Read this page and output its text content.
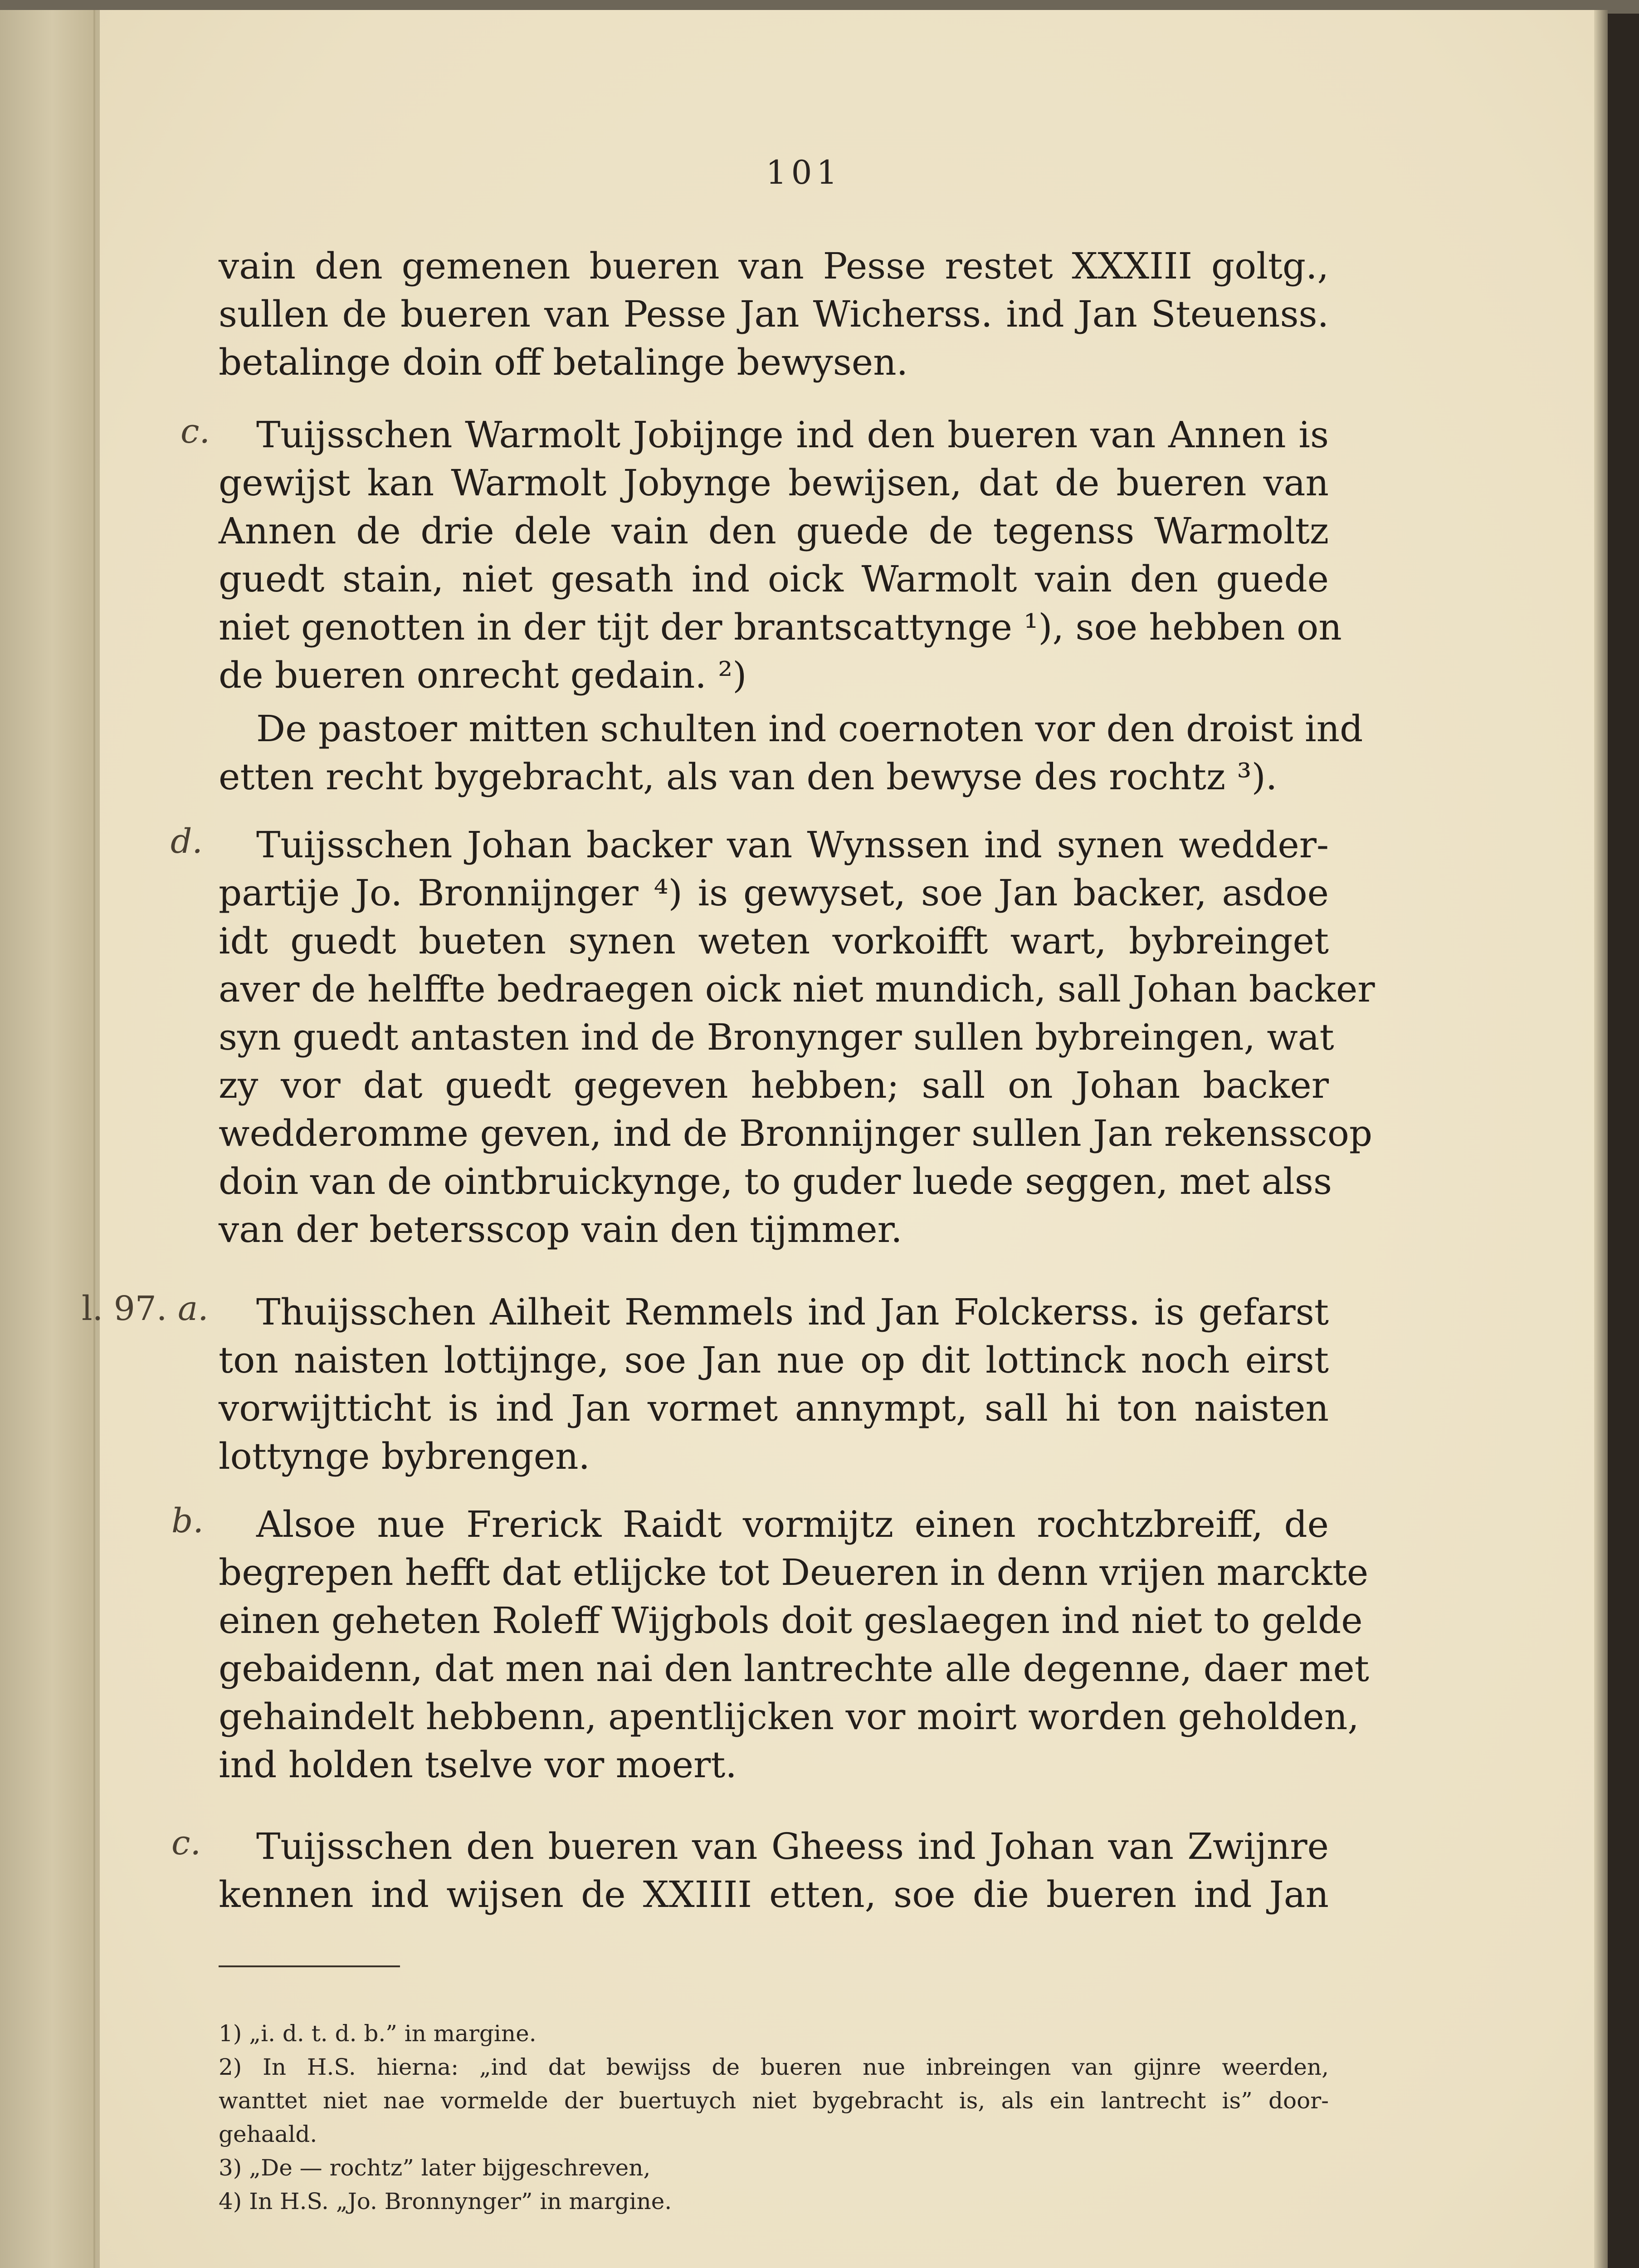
101
vain den gemenen bueren van Pesse restet XXXIII goltg.,
sullen de bueren van Pesse Jan Wicherss. ind Jan Steuenss.
betalinge doin off betalinge bewysen.
c. Tuijsschen Warmolt Jobijnge ind den bueren van Annen is
gewijst kan Warmolt Jobynge bewijsen, dat de bueren van
Annen de drie dele vain den guede de tegenss Warmoltz
guedt stain, niet gesath ind oick Warmolt vain den guede
niet genotten in der tijt der brantscattynge ¹), soe hebben on
de bueren onrecht gedain. ²)
De pastoer mitten schulten ind coernoten vor den droist ind
etten recht bygebracht, als van den bewyse des rochtz ³).
d. Tuijsschen Johan backer van Wynssen ind synen wedder-
partije Jo. Bronnijnger ⁴) is gewyset, soe Jan backer, asdoe
idt guedt bueten synen weten vorkoifft wart, bybreinget
aver de helffte bedraegen oick niet mundich, sall Johan backer
syn guedt antasten ind de Bronynger sullen bybreingen, wat
zy vor dat guedt gegeven hebben; sall on Johan backer
wedderomme geven, ind de Bronnijnger sullen Jan rekensscop
doin van de ointbruickynge, to guder luede seggen, met alss
van der betersscop vain den tijmmer.
l. 97. a. Thuijsschen Ailheit Remmels ind Jan Folckerss. is gefarst
ton naisten lottijnge, soe Jan nue op dit lottinck noch eirst
vorwijtticht is ind Jan vormet annympt, sall hi ton naisten
lottynge bybrengen.
b. Alsoe nue Frerick Raidt vormijtz einen rochtzbreiff, de
begrepen hefft dat etlijcke tot Deueren in denn vrijen marckte
einen geheten Roleff Wijgbols doit geslaegen ind niet to gelde
gebaidenn, dat men nai den lantrechte alle degenne, daer met
gehaindelt hebbenn, apentlijcken vor moirt worden geholden,
ind holden tselve vor moert.
c. Tuijsschen den bueren van Gheess ind Johan van Zwijnre
kennen ind wijsen de XXIIII etten, soe die bueren ind Jan
1) „i. d. t. d. b.” in margine.
2) In H.S. hierna: „ind dat bewijss de bueren nue inbreingen van gijnre weerden,
wanttet niet nae vormelde der buertuych niet bygebracht is, als ein lantrecht is” door-
gehaald.
3) „De — rochtz” later bijgeschreven,
4) In H.S. „Jo. Bronnynger” in margine.
